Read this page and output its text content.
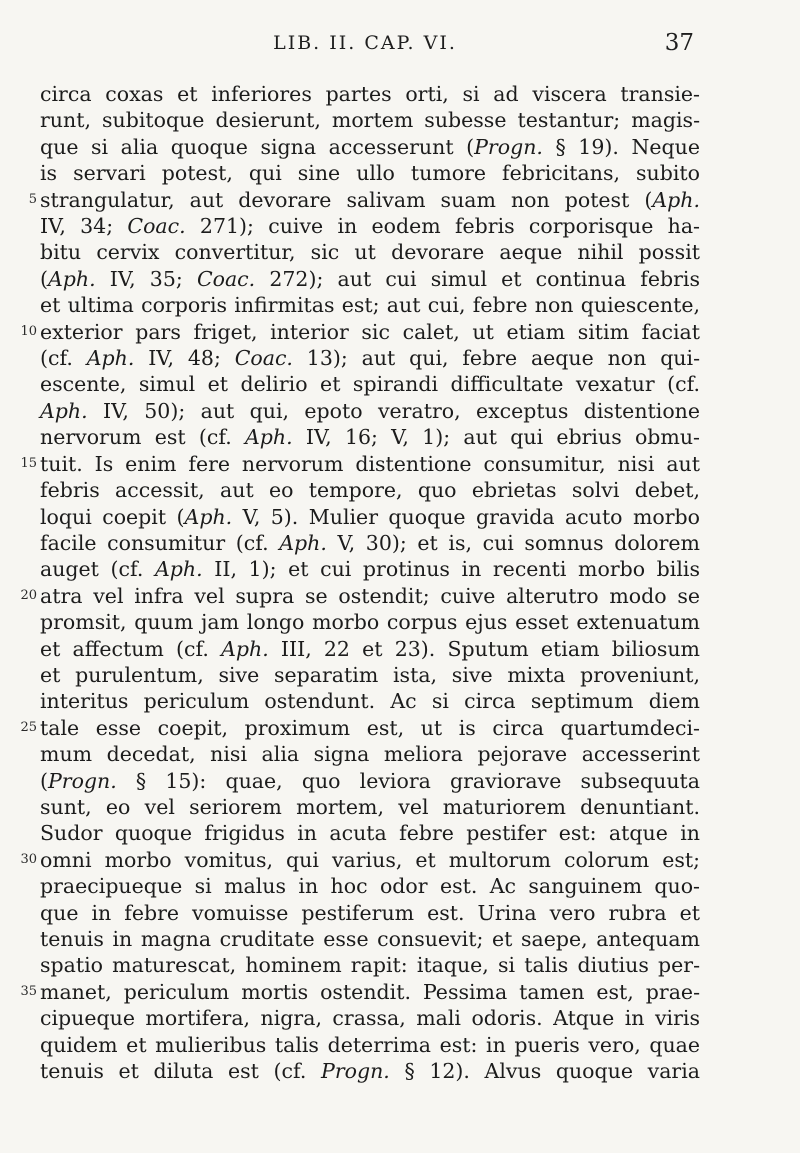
LIB. II. CAP. VI.	37
circa coxas et inferiores partes orti, si ad viscera transie-
runt, subitoque desierunt, mortem subesse testantur; magis-
que si alia quoque signa accesserunt (Progn. § 19). Neque
is servari potest, qui sine ullo tumore febricitans, subito
5 strangulatur, aut devorare salivam suam non potest (Aph.
IV, 34; Coac. 271); cuive in eodem febris corporisque ha-
bitu cervix convertitur, sic ut devorare aeque nihil possit
(Aph. IV, 35; Coac. 272); aut cui simul et continua febris
et ultima corporis infirmitas est; aut cui, febre non quiescente,
10 exterior pars friget, interior sic calet, ut etiam sitim faciat
(cf. Aph. IV, 48; Coac. 13); aut qui, febre aeque non qui-
escente, simul et delirio et spirandi difficultate vexatur (cf.
Aph. IV, 50); aut qui, epoto veratro, exceptus distentione
nervorum est (cf. Aph. IV, 16; V, 1); aut qui ebrius obmu-
15 tuit. Is enim fere nervorum distentione consumitur, nisi aut
febris accessit, aut eo tempore, quo ebrietas solvi debet,
loqui coepit (Aph. V, 5). Mulier quoque gravida acuto morbo
facile consumitur (cf. Aph. V, 30); et is, cui somnus dolorem
auget (cf. Aph. II, 1); et cui protinus in recenti morbo bilis
20 atra vel infra vel supra se ostendit; cuive alterutro modo se
promsit, quum jam longo morbo corpus ejus esset extenuatum
et affectum (cf. Aph. III, 22 et 23). Sputum etiam biliosum
et purulentum, sive separatim ista, sive mixta proveniunt,
interitus periculum ostendunt. Ac si circa septimum diem
25 tale esse coepit, proximum est, ut is circa quartumdeci-
mum decedat, nisi alia signa meliora pejorave accesserint
(Progn. § 15): quae, quo leviora graviorave subsequuta
sunt, eo vel seriorem mortem, vel maturiorem denuntiant.
Sudor quoque frigidus in acuta febre pestifer est: atque in
30 omni morbo vomitus, qui varius, et multorum colorum est;
praecipueque si malus in hoc odor est. Ac sanguinem quo-
que in febre vomuisse pestiferum est. Urina vero rubra et
tenuis in magna cruditate esse consuevit; et saepe, antequam
spatio maturescat, hominem rapit: itaque, si talis diutius per-
35 manet, periculum mortis ostendit. Pessima tamen est, prae-
cipueque mortifera, nigra, crassa, mali odoris. Atque in viris
quidem et mulieribus talis deterrima est: in pueris vero, quae
tenuis et diluta est (cf. Progn. § 12). Alvus quoque varia
